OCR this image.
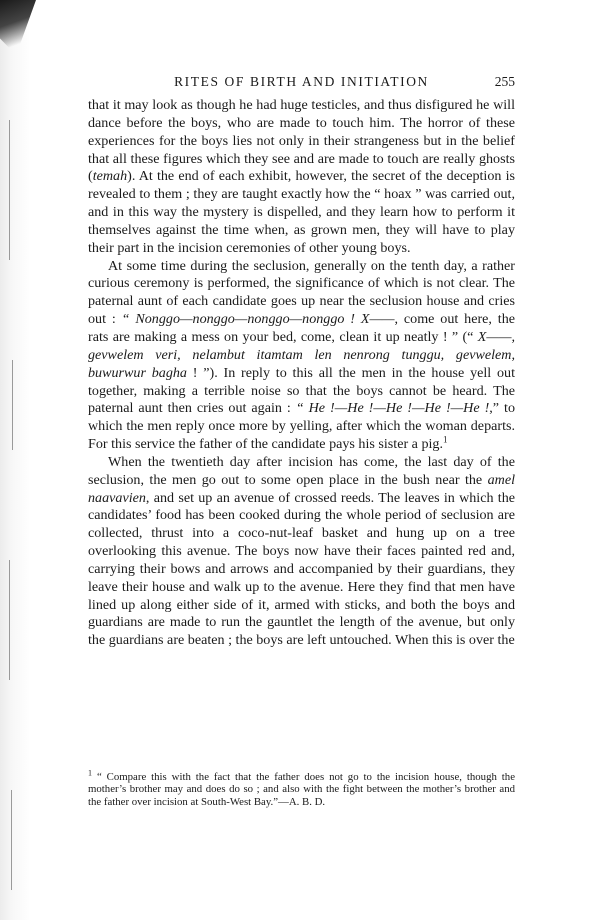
RITES OF BIRTH AND INITIATION	255

that it may look as though he had huge testicles, and thus disfigured he will dance before the boys, who are made to touch him. The horror of these experiences for the boys lies not only in their strangeness but in the belief that all these figures which they see and are made to touch are really ghosts (temah). At the end of each exhibit, however, the secret of the deception is revealed to them ; they are taught exactly how the “ hoax ” was carried out, and in this way the mystery is dispelled, and they learn how to perform it themselves against the time when, as grown men, they will have to play their part in the incision ceremonies of other young boys.

At some time during the seclusion, generally on the tenth day, a rather curious ceremony is performed, the significance of which is not clear. The paternal aunt of each candidate goes up near the seclusion house and cries out : “ Nonggo—nonggo—nonggo—nonggo ! X——, come out here, the rats are making a mess on your bed, come, clean it up neatly ! ” (“ X——, gevwelem veri, nelambut itamtam len nenrong tunggu, gevwelem, buwurwur bagha ! ”). In reply to this all the men in the house yell out together, making a terrible noise so that the boys cannot be heard. The paternal aunt then cries out again : “ He !—He !—He !—He !—He !,” to which the men reply once more by yelling, after which the woman departs. For this service the father of the candidate pays his sister a pig.$^1$

When the twentieth day after incision has come, the last day of the seclusion, the men go out to some open place in the bush near the amel naavavien, and set up an avenue of crossed reeds. The leaves in which the candidates’ food has been cooked during the whole period of seclusion are collected, thrust into a coco-nut-leaf basket and hung up on a tree overlooking this avenue. The boys now have their faces painted red and, carrying their bows and arrows and accompanied by their guardians, they leave their house and walk up to the avenue. Here they find that men have lined up along either side of it, armed with sticks, and both the boys and guardians are made to run the gauntlet the length of the avenue, but only the guardians are beaten ; the boys are left untouched. When this is over the

$^1$ “ Compare this with the fact that the father does not go to the incision house, though the mother’s brother may and does do so ; and also with the fight between the mother’s brother and the father over incision at South-West Bay.”—A. B. D.
